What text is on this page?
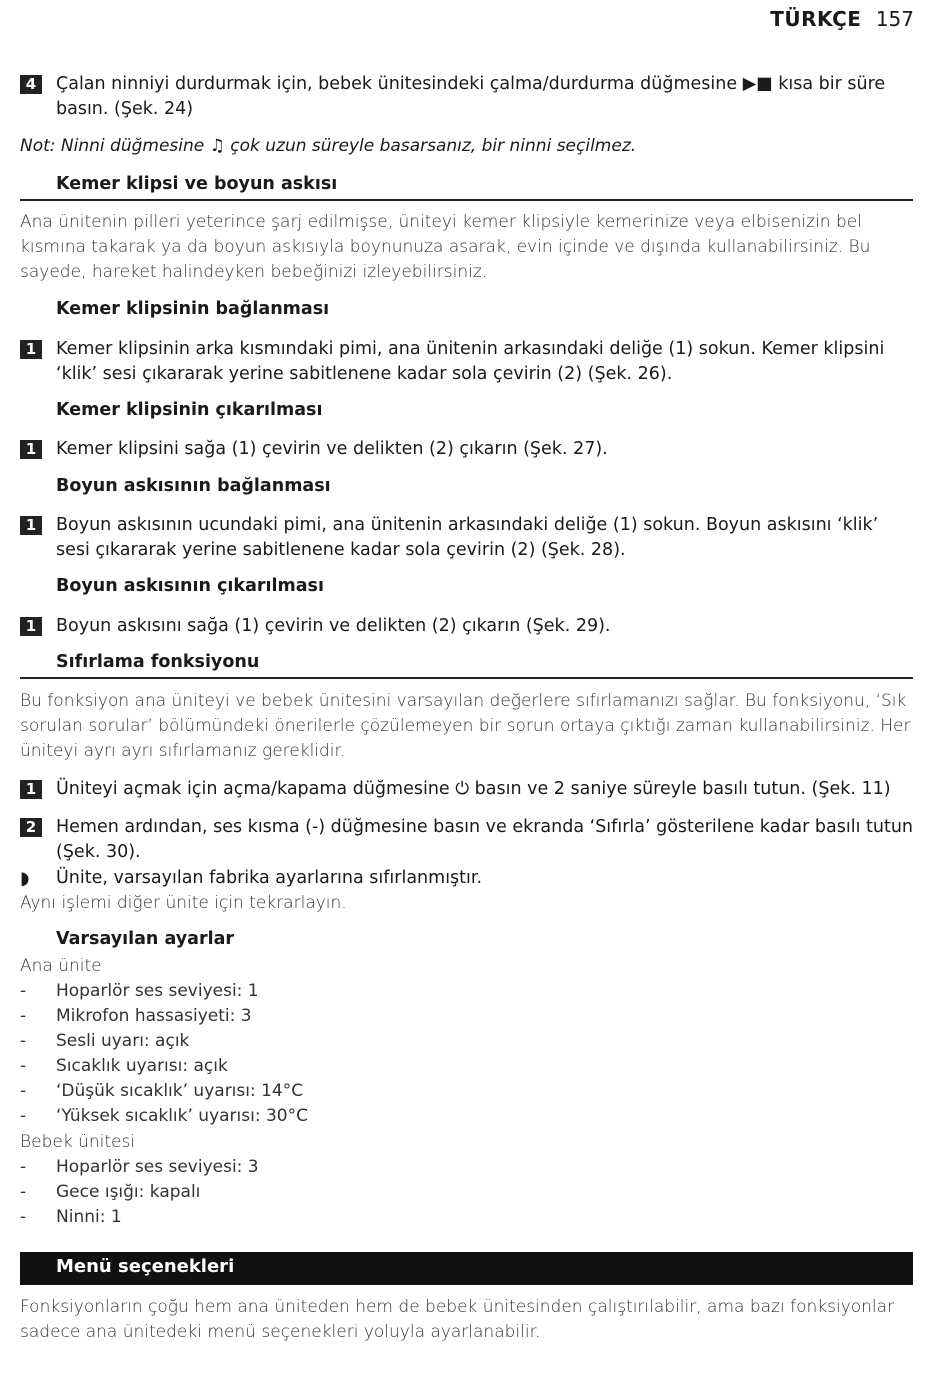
TÜRKÇE 157
4	Çalan ninniyi durdurmak için, bebek ünitesindeki çalma/durdurma düğmesine ▶■ kısa bir süre basın. (Şek. 24)
Not: Ninni düğmesine ♫ çok uzun süreyle basarsanız, bir ninni seçilmez.
Kemer klipsi ve boyun askısı
Ana ünitenin pilleri yeterince şarj edilmişse, üniteyi kemer klipsiyle kemerinize veya elbisenizin bel kısmına takarak ya da boyun askısıyla boynunuza asarak, evin içinde ve dışında kullanabilirsiniz. Bu sayede, hareket halindeyken bebeğinizi izleyebilirsiniz.
Kemer klipsinin bağlanması
1	Kemer klipsinin arka kısmındaki pimi, ana ünitenin arkasındaki deliğe (1) sokun. Kemer klipsini ‘klik’ sesi çıkararak yerine sabitlenene kadar sola çevirin (2) (Şek. 26).
Kemer klipsinin çıkarılması
1	Kemer klipsini sağa (1) çevirin ve delikten (2) çıkarın (Şek. 27).
Boyun askısının bağlanması
1	Boyun askısının ucundaki pimi, ana ünitenin arkasındaki deliğe (1) sokun. Boyun askısını ‘klik’ sesi çıkararak yerine sabitlenene kadar sola çevirin (2) (Şek. 28).
Boyun askısının çıkarılması
1	Boyun askısını sağa (1) çevirin ve delikten (2) çıkarın (Şek. 29).
Sıfırlama fonksiyonu
Bu fonksiyon ana üniteyi ve bebek ünitesini varsayılan değerlere sıfırlamanızı sağlar. Bu fonksiyonu, ‘Sık sorulan sorular’ bölümündeki önerilerle çözülemeyen bir sorun ortaya çıktığı zaman kullanabilirsiniz. Her üniteyi ayrı ayrı sıfırlamanız gereklidir.
1	Üniteyi açmak için açma/kapama düğmesine ⏻ basın ve 2 saniye süreyle basılı tutun. (Şek. 11)
2	Hemen ardından, ses kısma (-) düğmesine basın ve ekranda ‘Sıfırla’ gösterilene kadar basılı tutun (Şek. 30).
◗ Ünite, varsayılan fabrika ayarlarına sıfırlanmıştır.
Aynı işlemi diğer ünite için tekrarlayın.
Varsayılan ayarlar
Ana ünite
- Hoparlör ses seviyesi: 1
- Mikrofon hassasiyeti: 3
- Sesli uyarı: açık
- Sıcaklık uyarısı: açık
- ‘Düşük sıcaklık’ uyarısı: 14°C
- ‘Yüksek sıcaklık’ uyarısı: 30°C
Bebek ünitesi
- Hoparlör ses seviyesi: 3
- Gece ışığı: kapalı
- Ninni: 1
Menü seçenekleri
Fonksiyonların çoğu hem ana üniteden hem de bebek ünitesinden çalıştırılabilir, ama bazı fonksiyonlar sadece ana ünitedeki menü seçenekleri yoluyla ayarlanabilir.
